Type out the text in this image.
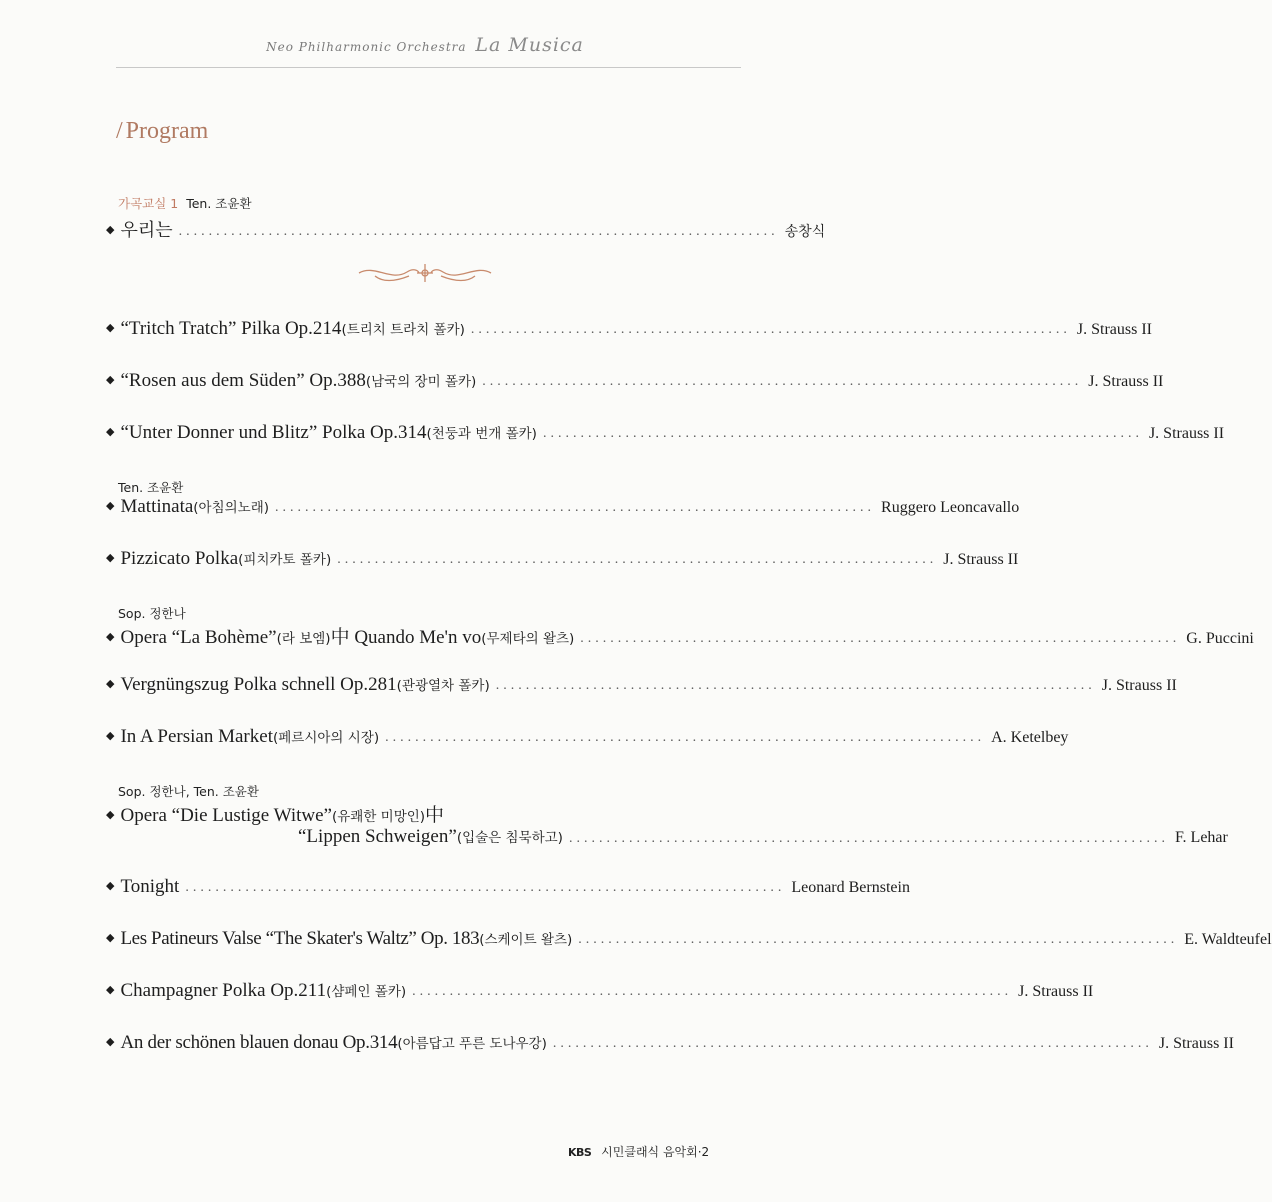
Neo Philharmonic Orchestra La Musica
/ Program
가곡교실 1 Ten. 조윤환
◆ 우리는 ................................................................................ 송창식
◆ “Tritch Tratch” Pilka Op.214 (트리치 트라치 폴카) ................................................................................ J. Strauss II
◆ “Rosen aus dem Süden” Op.388 (남국의 장미 폴카) ................................................................................ J. Strauss II
◆ “Unter Donner und Blitz” Polka Op.314 (천둥과 번개 폴카) ................................................................................ J. Strauss II
Ten. 조윤환
◆ Mattinata (아침의노래) ................................................................................ Ruggero Leoncavallo
◆ Pizzicato Polka (피치카토 폴카) ................................................................................ J. Strauss II
Sop. 정한나
◆ Opera “La Bohème” (라 보엠) 中 Quando Me'n vo (무제타의 왈츠) ................................................................................ G. Puccini
◆ Vergnüngszug Polka schnell Op.281 (관광열차 폴카) ................................................................................ J. Strauss II
◆ In A Persian Market (페르시아의 시장) ................................................................................ A. Ketelbey
Sop. 정한나, Ten. 조윤환
◆ Opera “Die Lustige Witwe” (유쾌한 미망인) 中
“Lippen Schweigen” (입술은 침묵하고) ................................................................................ F. Lehar
◆ Tonight ................................................................................ Leonard Bernstein
◆ Les Patineurs Valse “The Skater's Waltz” Op. 183 (스케이트 왈츠) ................................................................................ E. Waldteufel
◆ Champagner Polka Op.211 (샴페인 폴카) ................................................................................ J. Strauss II
◆ An der schönen blauen donau Op.314 (아름답고 푸른 도나우강) ................................................................................ J. Strauss II
KBS 시민클래식 음악회·2
